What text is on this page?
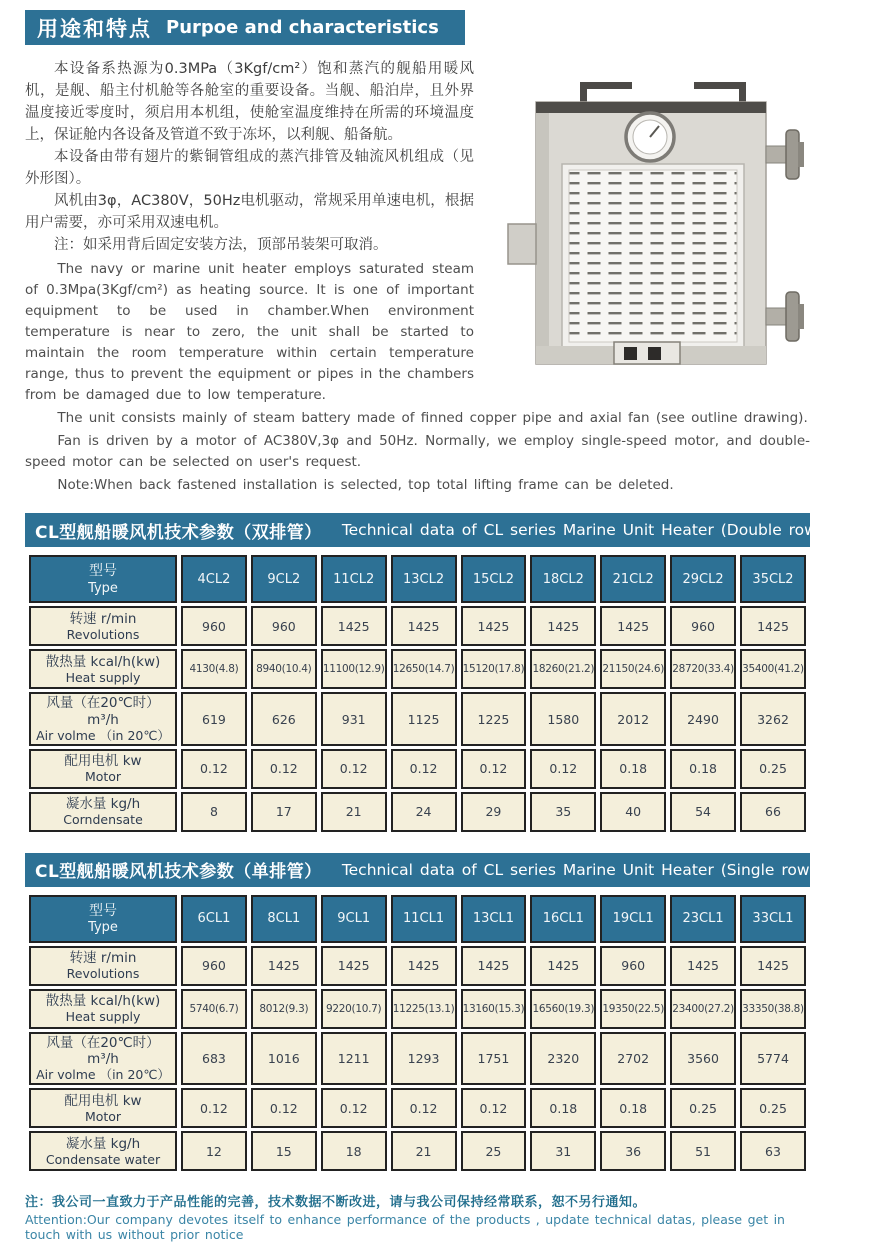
用途和特点 Purpoe and characteristics

本设备系热源为0.3MPa（3Kgf/cm²）饱和蒸汽的舰船用暖风机，是舰、船主付机舱等各舱室的重要设备。当舰、船泊岸，且外界温度接近零度时，须启用本机组，使舱室温度维持在所需的环境温度上，保证舱内各设备及管道不致于冻坏，以利舰、船备航。

本设备由带有翅片的紫铜管组成的蒸汽排管及轴流风机组成（见外形图）。

风机由3φ，AC380V，50Hz电机驱动，常规采用单速电机，根据用户需要，亦可采用双速电机。

注：如采用背后固定安装方法，顶部吊装架可取消。

The navy or marine unit heater employs saturated steam of 0.3Mpa(3Kgf/cm²) as heating source. It is one of important equipment to be used in chamber.When environment temperature is near to zero, the unit shall be started to maintain the room temperature within certain temperature range, thus to prevent the equipment or pipes in the chambers from be damaged due to low temperature.

The unit consists mainly of steam battery made of finned copper pipe and axial fan (see outline drawing).

Fan is driven by a motor of AC380V,3φ and 50Hz. Normally, we employ single-speed motor, and double-speed motor can be selected on user's request.

Note:When back fastened installation is selected, top total lifting frame can be deleted.

CL型舰船暖风机技术参数（双排管） Technical data of CL series Marine Unit Heater (Double rows pipe)
型号
Type	4CL2	9CL2	11CL2	13CL2	15CL2	18CL2	21CL2	29CL2	35CL2

转速 r/min
Revolutions	960	960	1425	1425	1425	1425	1425	960	1425

散热量 kcal/h(kw)
Heat supply	4130(4.8)	8940(10.4)	11100(12.9)	12650(14.7)	15120(17.8)	18260(21.2)	21150(24.6)	28720(33.4)	35400(41.2)

风量（在20℃时） m³/h
Air volme （in 20℃）	619	626	931	1125	1225	1580	2012	2490	3262

配用电机 kw
Motor	0.12	0.12	0.12	0.12	0.12	0.12	0.18	0.18	0.25

凝水量 kg/h
Corndensate	8	17	21	24	29	35	40	54	66
CL型舰船暖风机技术参数（单排管） Technical data of CL series Marine Unit Heater (Single rows pipe)
型号
Type	6CL1	8CL1	9CL1	11CL1	13CL1	16CL1	19CL1	23CL1	33CL1

转速 r/min
Revolutions	960	1425	1425	1425	1425	1425	960	1425	1425

散热量 kcal/h(kw)
Heat supply	5740(6.7)	8012(9.3)	9220(10.7)	11225(13.1)	13160(15.3)	16560(19.3)	19350(22.5)	23400(27.2)	33350(38.8)

风量（在20℃时） m³/h
Air volme （in 20℃）	683	1016	1211	1293	1751	2320	2702	3560	5774

配用电机 kw
Motor	0.12	0.12	0.12	0.12	0.12	0.18	0.18	0.25	0.25

凝水量 kg/h
Condensate water	12	15	18	21	25	31	36	51	63

注：我公司一直致力于产品性能的完善，技术数据不断改进，请与我公司保持经常联系，恕不另行通知。

Attention:Our company devotes itself to enhance performance of the products , update technical datas, please get in touch with us without prior notice
